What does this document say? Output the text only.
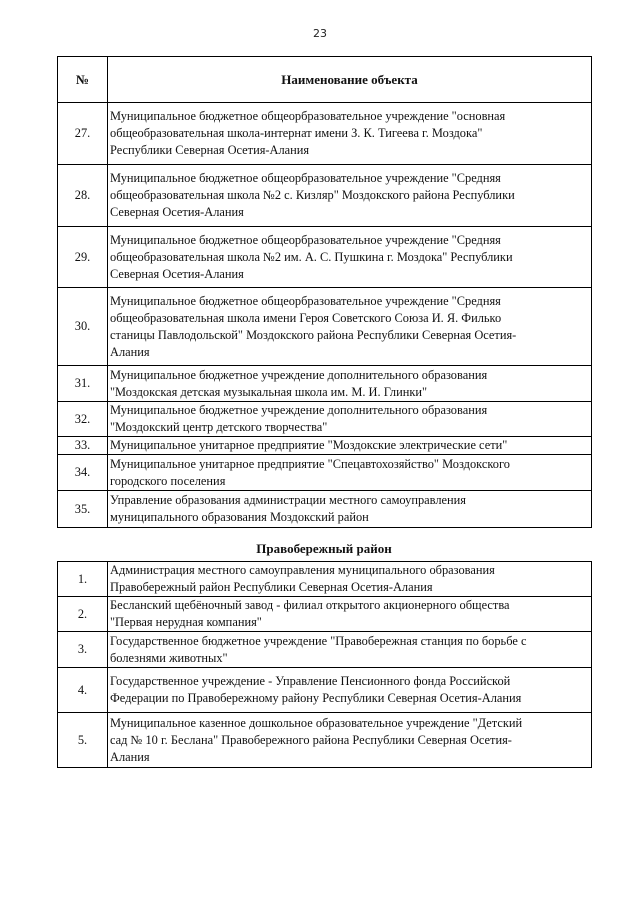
23
№	Наименование объекта
27.	Муниципальное бюджетное общеорбразовательное учреждение "основная
общеобразовательная школа-интернат имени З. К. Тигеева г. Моздока"
Республики Северная Осетия-Алания
28.	Муниципальное бюджетное общеорбразовательное учреждение "Средняя
общеобразовательная школа №2 с. Кизляр" Моздокского района Республики
Северная Осетия-Алания
29.	Муниципальное бюджетное общеорбразовательное учреждение "Средняя
общеобразовательная школа №2 им. А. С. Пушкина г. Моздока" Республики
Северная Осетия-Алания
30.	Муниципальное бюджетное общеорбразовательное учреждение "Средняя
общеобразовательная школа имени Героя Советского Союза И. Я. Филько
станицы Павлодольской" Моздокского района Республики Северная Осетия-
Алания
31.	Муниципальное бюджетное учреждение дополнительного образования
"Моздокская детская музыкальная школа им. М. И. Глинки"
32.	Муниципальное бюджетное учреждение дополнительного образования
"Моздокский центр детского творчества"
33.	Муниципальное унитарное предприятие "Моздокские электрические сети"
34.	Муниципальное унитарное предприятие "Спецавтохозяйство" Моздокского
городского поселения
35.	Управление образования администрации местного самоуправления
муниципального образования Моздокский район
Правобережный район
1.	Администрация местного самоуправления муниципального образования
Правобережный район Республики Северная Осетия-Алания
2.	Бесланский щебёночный завод - филиал открытого акционерного общества
"Первая нерудная компания"
3.	Государственное бюджетное учреждение "Правобережная станция по борьбе с
болезнями животных"
4.	Государственное учреждение - Управление Пенсионного фонда Российской
Федерации по Правобережному району Республики Северная Осетия-Алания
5.	Муниципальное казенное дошкольное образовательное учреждение "Детский
сад № 10 г. Беслана" Правобережного района Республики Северная Осетия-
Алания
